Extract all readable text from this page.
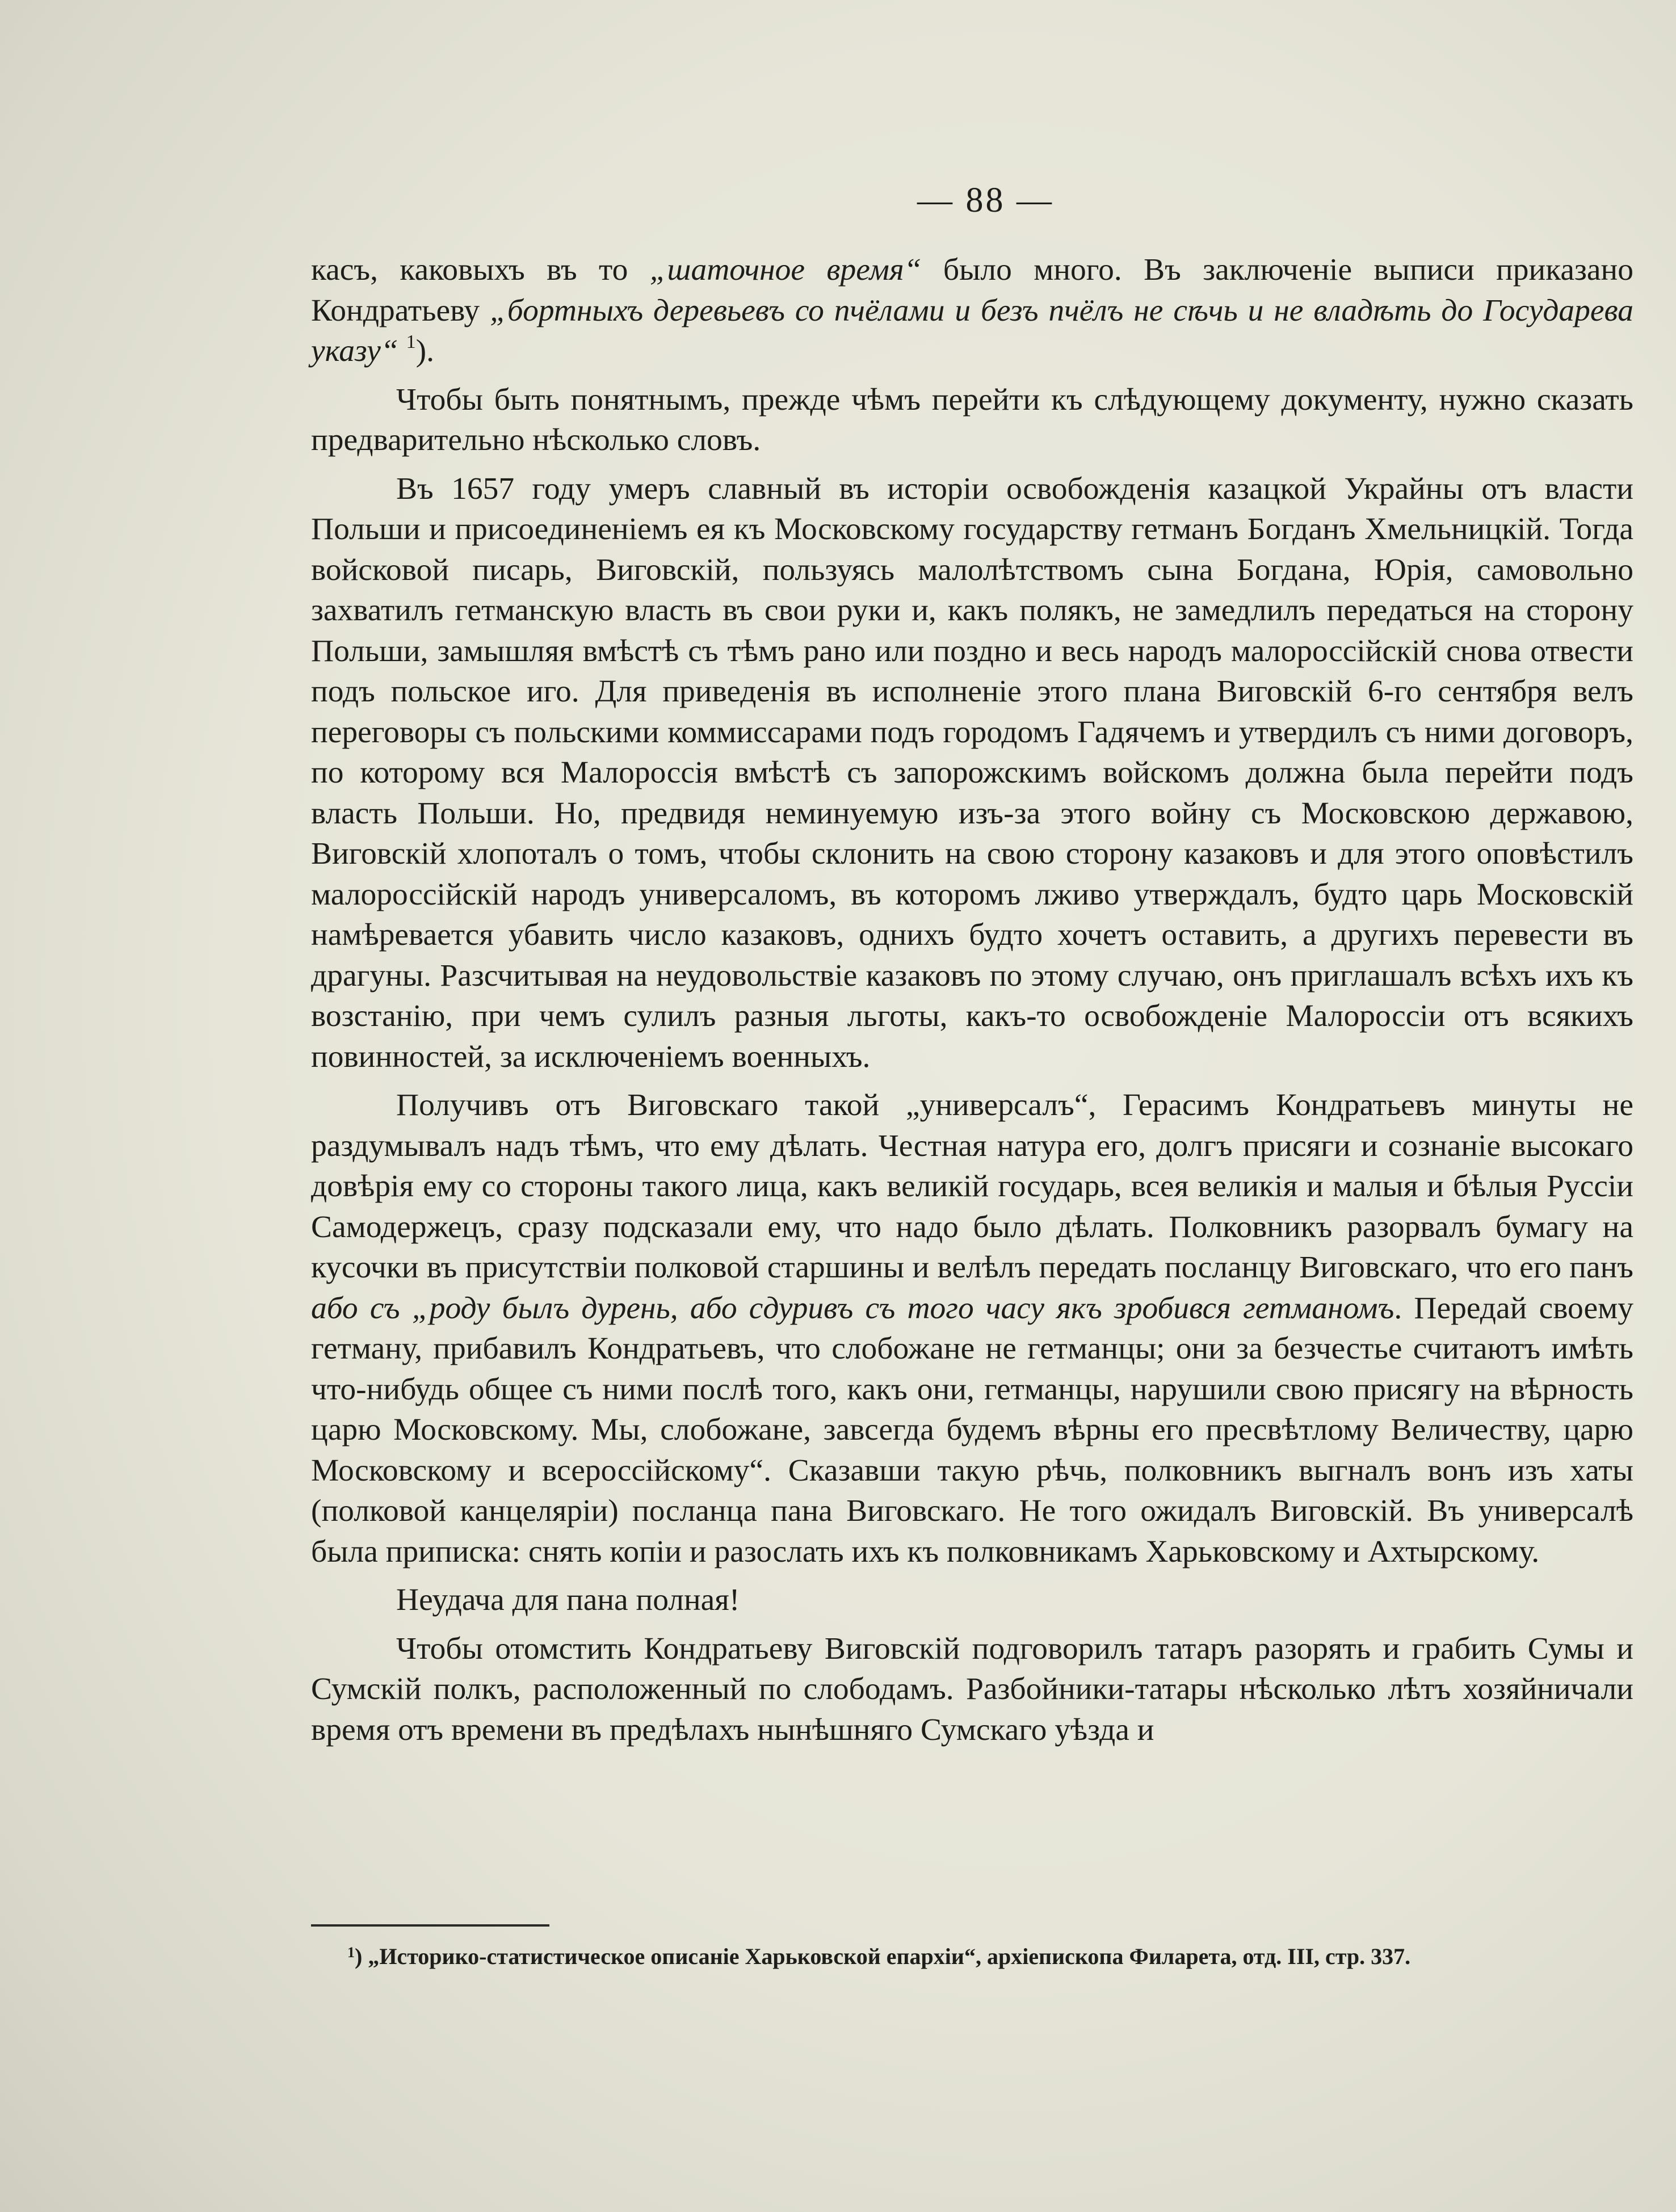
— 88 —

касъ, каковыхъ въ то „шаточное время“ было много. Въ заключеніе выписи приказано Кондратьеву „бортныхъ деревьевъ со пчёлами и безъ пчёлъ не сѣчь и не владѣть до Государева указу“ $^1$).

Чтобы быть понятнымъ, прежде чѣмъ перейти къ слѣдующему документу, нужно сказать предварительно нѣсколько словъ.

Въ 1657 году умеръ славный въ исторіи освобожденія казацкой Украйны отъ власти Польши и присоединеніемъ ея къ Московскому государству гетманъ Богданъ Хмельницкій. Тогда войсковой писарь, Виговскій, пользуясь малолѣтствомъ сына Богдана, Юрія, самовольно захватилъ гетманскую власть въ свои руки и, какъ полякъ, не замедлилъ передаться на сторону Польши, замышляя вмѣстѣ съ тѣмъ рано или поздно и весь народъ малороссійскій снова отвести подъ польское иго. Для приведенія въ исполненіе этого плана Виговскій 6-го сентября велъ переговоры съ польскими коммиссарами подъ городомъ Гадячемъ и утвердилъ съ ними договоръ, по которому вся Малороссія вмѣстѣ съ запорожскимъ войскомъ должна была перейти подъ власть Польши. Но, предвидя неминуемую изъ-за этого войну съ Московскою державою, Виговскій хлопоталъ о томъ, чтобы склонить на свою сторону казаковъ и для этого оповѣстилъ малороссійскій народъ универсаломъ, въ которомъ лживо утверждалъ, будто царь Московскій намѣревается убавить число казаковъ, однихъ будто хочетъ оставить, а другихъ перевести въ драгуны. Разсчитывая на неудовольствіе казаковъ по этому случаю, онъ приглашалъ всѣхъ ихъ къ возстанію, при чемъ сулилъ разныя льготы, какъ-то освобожденіе Малороссіи отъ всякихъ повинностей, за исключеніемъ военныхъ.

Получивъ отъ Виговскаго такой „универсалъ“, Герасимъ Кондратьевъ минуты не раздумывалъ надъ тѣмъ, что ему дѣлать. Честная натура его, долгъ присяги и сознаніе высокаго довѣрія ему со стороны такого лица, какъ великій государь, всея великія и малыя и бѣлыя Руссіи Самодержецъ, сразу подсказали ему, что надо было дѣлать. Полковникъ разорвалъ бумагу на кусочки въ присутствіи полковой старшины и велѣлъ передать посланцу Виговскаго, что его панъ або съ „роду былъ дурень, або сдуривъ съ того часу якъ зробився гетманомъ. Передай своему гетману, прибавилъ Кондратьевъ, что слобожане не гетманцы; они за безчестье считаютъ имѣть что-нибудь общее съ ними послѣ того, какъ они, гетманцы, нарушили свою присягу на вѣрность царю Московскому. Мы, слобожане, завсегда будемъ вѣрны его пресвѣтлому Величеству, царю Московскому и всероссійскому“. Сказавши такую рѣчь, полковникъ выгналъ вонъ изъ хаты (полковой канцеляріи) посланца пана Виговскаго. Не того ожидалъ Виговскій. Въ универсалѣ была приписка: снять копіи и разослать ихъ къ полковникамъ Харьковскому и Ахтырскому.

Неудача для пана полная!

Чтобы отомстить Кондратьеву Виговскій подговорилъ татаръ разорять и грабить Сумы и Сумскій полкъ, расположенный по слободамъ. Разбойники-татары нѣсколько лѣтъ хозяйничали время отъ времени въ предѣлахъ нынѣшняго Сумскаго уѣзда и

$^1$) „Историко-статистическое описаніе Харьковской епархіи“, архіепископа Филарета, отд. III, стр. 337.
